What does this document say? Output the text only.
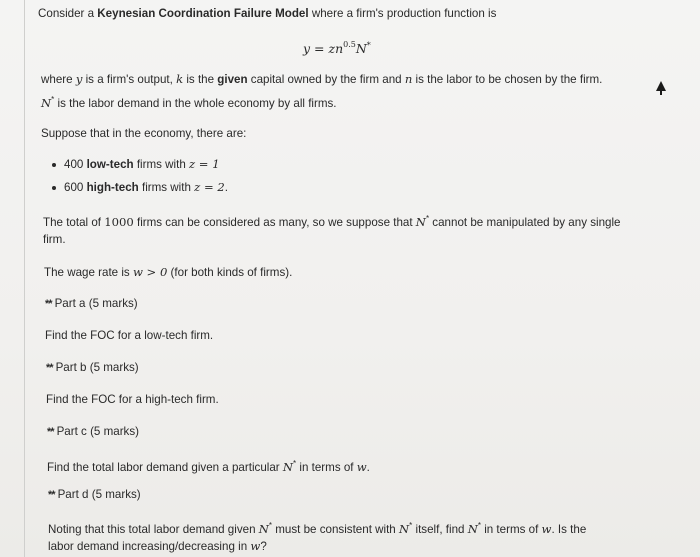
Consider a Keynesian Coordination Failure Model where a firm's production function is
$y = zn^{0.5}N^*$
where y is a firm's output, k is the given capital owned by the firm and n is the labor to be chosen by the firm.
N* is the labor demand in the whole economy by all firms.
Suppose that in the economy, there are:
400 low-tech firms with z = 1
600 high-tech firms with z = 2.
The total of 1000 firms can be considered as many, so we suppose that N* cannot be manipulated by any single
firm.
The wage rate is w > 0 (for both kinds of firms).
** Part a (5 marks)
Find the FOC for a low-tech firm.
** Part b (5 marks)
Find the FOC for a high-tech firm.
** Part c (5 marks)
Find the total labor demand given a particular N* in terms of w.
** Part d (5 marks)
Noting that this total labor demand given N* must be consistent with N* itself, find N* in terms of w. Is the
labor demand increasing/decreasing in w?
